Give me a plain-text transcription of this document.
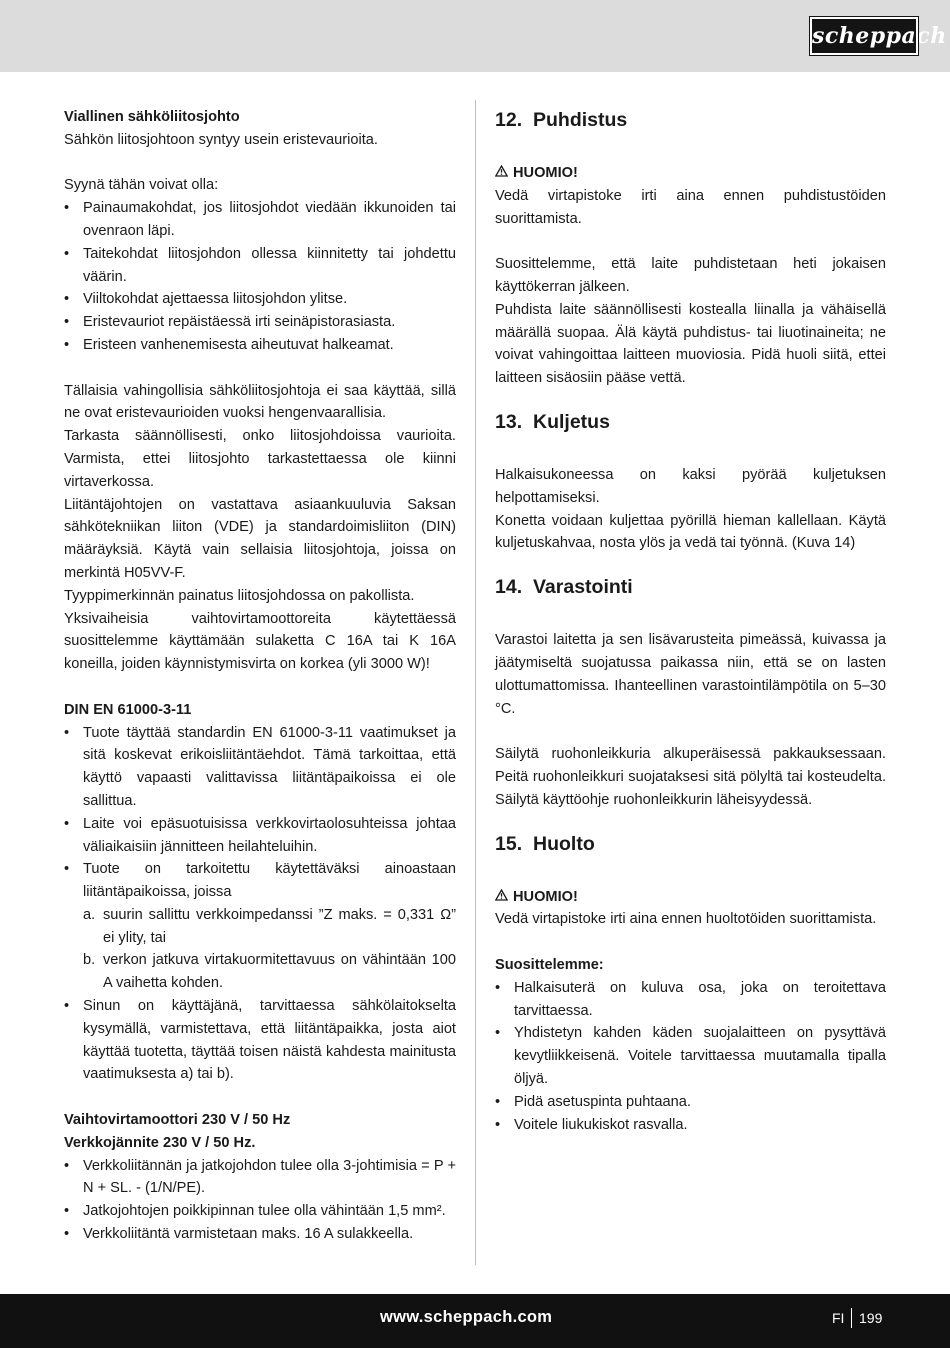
scheppach

Viallinen sähköliitosjohto

Sähkön liitosjohtoon syntyy usein eristevaurioita.

Syynä tähän voivat olla:

• Painaumakohdat, jos liitosjohdot viedään ikkunoiden tai ovenraon läpi.
• Taitekohdat liitosjohdon ollessa kiinnitetty tai johdettu väärin.
• Viiltokohdat ajettaessa liitosjohdon ylitse.
• Eristevauriot repäistäessä irti seinäpistorasiasta.
• Eristeen vanhenemisesta aiheutuvat halkeamat.

Tällaisia vahingollisia sähköliitosjohtoja ei saa käyttää, sillä ne ovat eristevaurioiden vuoksi hengenvaarallisia.

Tarkasta säännöllisesti, onko liitosjohdoissa vaurioita. Varmista, ettei liitosjohto tarkastettaessa ole kiinni virtaverkossa.

Liitäntäjohtojen on vastattava asiaankuuluvia Saksan sähkötekniikan liiton (VDE) ja standardoimisliiton (DIN) määräyksiä. Käytä vain sellaisia liitosjohtoja, joissa on merkintä H05VV-F.

Tyyppimerkinnän painatus liitosjohdossa on pakollista.

Yksivaiheisia vaihtovirtamoottoreita käytettäessä suosittelemme käyttämään sulaketta C 16A tai K 16A koneilla, joiden käynnistymisvirta on korkea (yli 3000 W)!

DIN EN 61000-3-11

• Tuote täyttää standardin EN 61000-3-11 vaatimukset ja sitä koskevat erikoisliitäntäehdot. Tämä tarkoittaa, että käyttö vapaasti valittavissa liitäntäpaikoissa ei ole sallittua.
• Laite voi epäsuotuisissa verkkovirtaolosuhteissa johtaa väliaikaisiin jännitteen heilahteluihin.
• Tuote on tarkoitettu käytettäväksi ainoastaan liitäntäpaikoissa, joissa
a. suurin sallittu verkkoimpedanssi ”Z maks. = 0,331 Ω” ei ylity, tai
b. verkon jatkuva virtakuormitettavuus on vähintään 100 A vaihetta kohden.
• Sinun on käyttäjänä, tarvittaessa sähkölaitokselta kysymällä, varmistettava, että liitäntäpaikka, josta aiot käyttää tuotetta, täyttää toisen näistä kahdesta mainitusta vaatimuksesta a) tai b).

Vaihtovirtamoottori 230 V / 50 Hz

Verkkojännite 230 V / 50 Hz.

• Verkkoliitännän ja jatkojohdon tulee olla 3-johtimisia = P + N + SL. - (1/N/PE).
• Jatkojohtojen poikkipinnan tulee olla vähintään 1,5 mm².
• Verkkoliitäntä varmistetaan maks. 16 A sulakkeella.
12. Puhdistus

HUOMIO!

Vedä virtapistoke irti aina ennen puhdistustöiden suorittamista.

Suosittelemme, että laite puhdistetaan heti jokaisen käyttökerran jälkeen.

Puhdista laite säännöllisesti kostealla liinalla ja vähäisellä määrällä suopaa. Älä käytä puhdistus- tai liuotinaineita; ne voivat vahingoittaa laitteen muoviosia. Pidä huoli siitä, ettei laitteen sisäosiin pääse vettä.

13. Kuljetus

Halkaisukoneessa on kaksi pyörää kuljetuksen helpottamiseksi.

Konetta voidaan kuljettaa pyörillä hieman kallellaan. Käytä kuljetuskahvaa, nosta ylös ja vedä tai työnnä. (Kuva 14)

14. Varastointi

Varastoi laitetta ja sen lisävarusteita pimeässä, kuivassa ja jäätymiseltä suojatussa paikassa niin, että se on lasten ulottumattomissa. Ihanteellinen varastointilämpötila on 5–30 °C.

Säilytä ruohonleikkuria alkuperäisessä pakkauksessaan. Peitä ruohonleikkuri suojataksesi sitä pölyltä tai kosteudelta. Säilytä käyttöohje ruohonleikkurin läheisyydessä.

15. Huolto

HUOMIO!

Vedä virtapistoke irti aina ennen huoltotöiden suorittamista.

Suosittelemme:

• Halkaisuterä on kuluva osa, joka on teroitettava tarvittaessa.
• Yhdistetyn kahden käden suojalaitteen on pysyttävä kevytliikkeisenä. Voitele tarvittaessa muutamalla tipalla öljyä.
• Pidä asetuspinta puhtaana.
• Voitele liukukiskot rasvalla.
www.scheppach.com	FI 199
